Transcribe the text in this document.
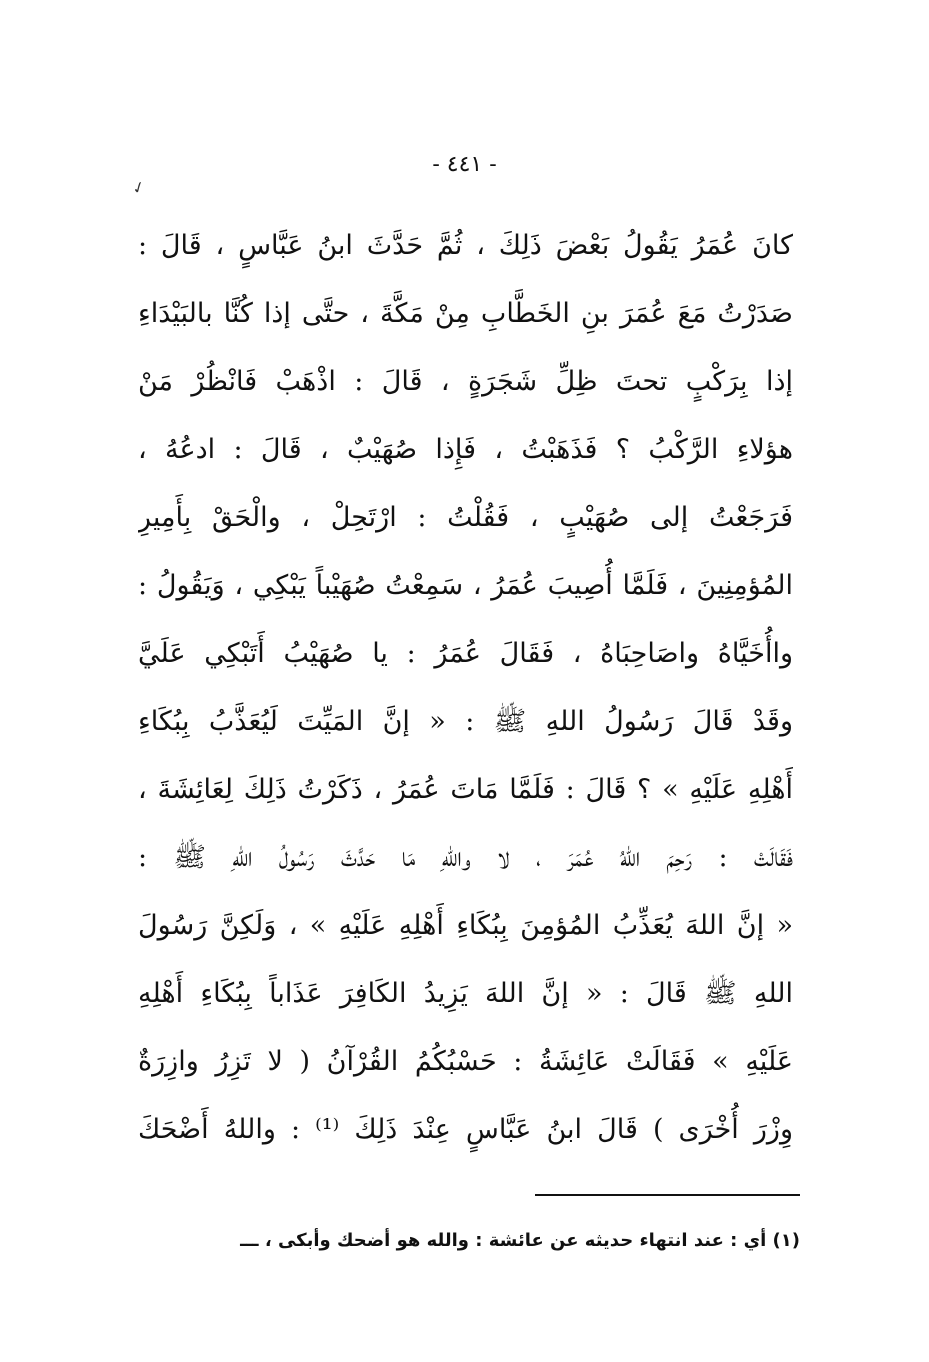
- ٤٤١ -
✓
كانَ عُمَرُ يَقُولُ بَعْضَ ذَلِكَ ، ثُمَّ حَدَّثَ ابنُ عَبَّاسٍ ، قَالَ :
صَدَرْتُ مَعَ عُمَرَ بنِ الخَطَّابِ مِنْ مَكَّةَ ، حتَّى إذا كُنَّا بالبَيْدَاءِ
إذا بِرَكْبٍ تحتَ ظِلِّ شَجَرَةٍ ، قَالَ : اذْهَبْ فَانْظُرْ مَنْ
هؤلاءِ الرَّكْبُ ؟ فَذَهَبْتُ ، فَإِذا صُهَيْبٌ ، قَالَ : ادعُهُ ،
فَرَجَعْتُ إلى صُهَيْبٍ ، فَقُلْتُ : ارْتَحِلْ ، والْحَقْ بِأَمِيرِ
المُؤمِنِينَ ، فَلَمَّا أُصِيبَ عُمَرُ ، سَمِعْتُ صُهَيْباً يَبْكِي ، وَيَقُولُ :
واأُخَيَّاهُ واصَاحِبَاهُ ، فَقَالَ عُمَرُ : يا صُهَيْبُ أَتَبْكِي عَلَيَّ
وقَدْ قَالَ رَسُولُ اللهِ ﷺ : « إنَّ المَيِّتَ لَيُعَذَّبُ بِبُكَاءِ
أَهْلِهِ عَلَيْهِ » ؟ قَالَ : فَلَمَّا مَاتَ عُمَرُ ، ذَكَرْتُ ذَلِكَ لِعَائِشَةَ ،
فَقَالَتْ : رَحِمَ اللهُ عُمَرَ ، لا واللهِ مَا حَدَّثَ رَسُولُ اللهِ ﷺ :
« إنَّ اللهَ يُعَذِّبُ المُؤمِنَ بِبُكَاءِ أَهْلِهِ عَلَيْهِ » ، وَلَكِنَّ رَسُولَ
اللهِ ﷺ قَالَ : « إنَّ اللهَ يَزِيدُ الكَافِرَ عَذَاباً بِبُكَاءِ أَهْلِهِ
عَلَيْهِ » فَقَالَتْ عَائِشَةُ : حَسْبُكُمُ القُرْآنُ ( لا تَزِرُ وازِرَةٌ
وِزْرَ أُخْرَى ) قَالَ ابنُ عَبَّاسٍ عِنْدَ ذَلِكَ ⁽¹⁾ : واللهُ أَضْحَكَ
(١) أي : عند انتهاء حديثه عن عائشة : والله هو أضحك وأبكى ، ـــ
